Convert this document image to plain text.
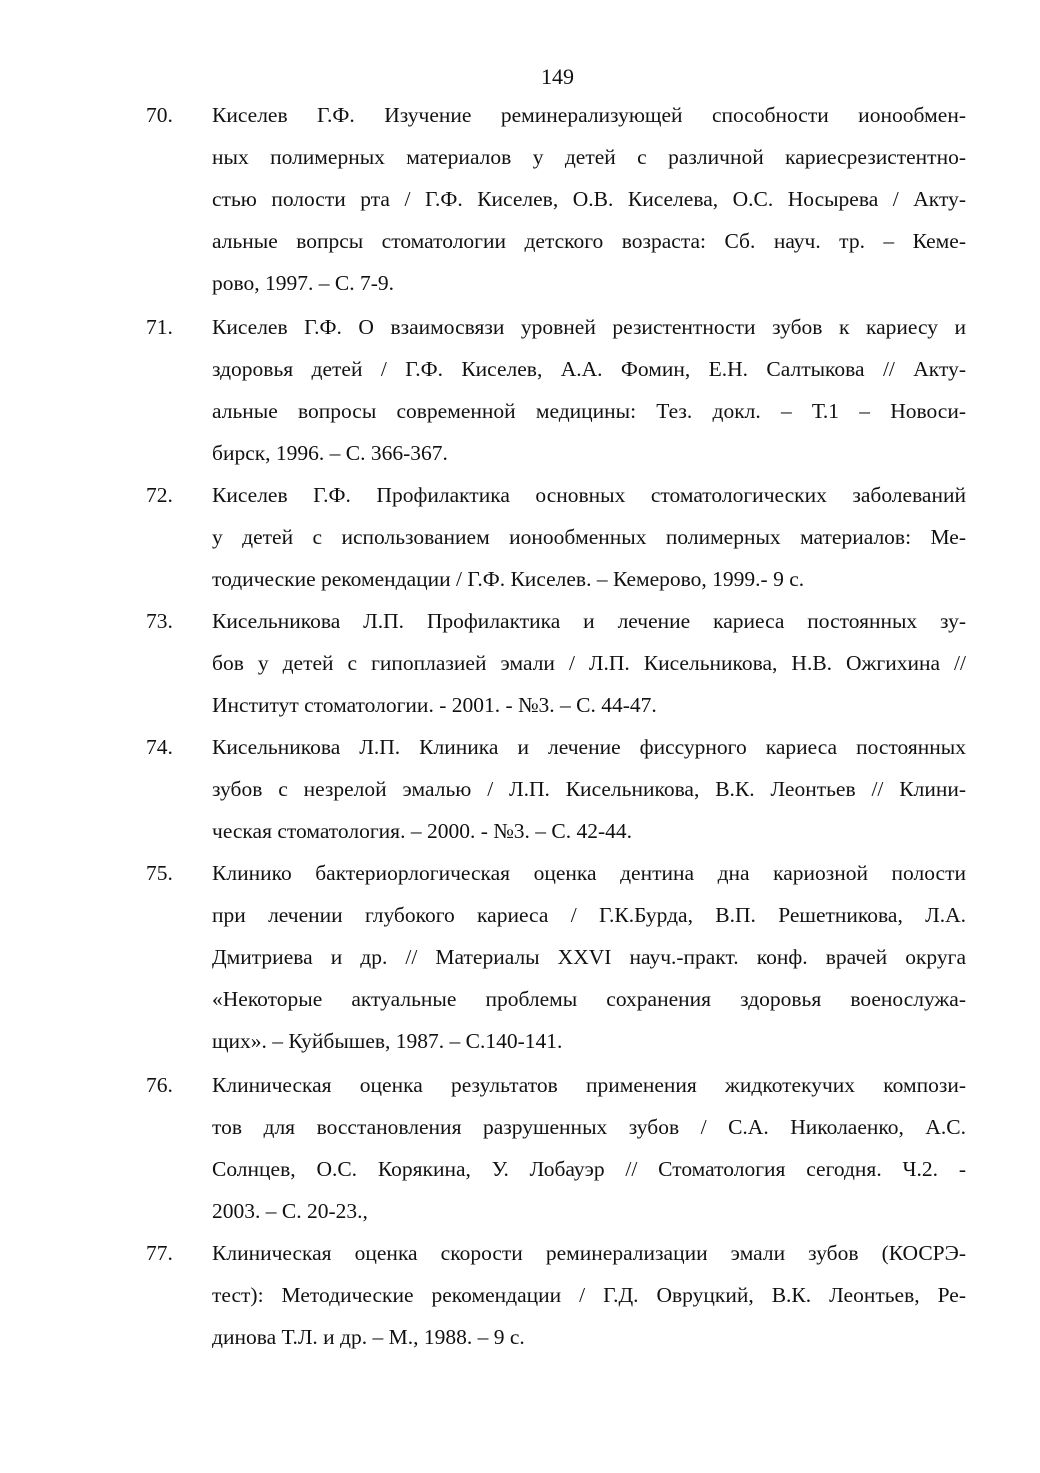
149
70. Киселев Г.Ф. Изучение реминерализующей способности ионообмен-
ных полимерных материалов у детей с различной кариесрезистентно-
стью полости рта / Г.Ф. Киселев, О.В. Киселева, О.С. Носырева / Акту-
альные вопрсы стоматологии детского возраста: Сб. науч. тр. – Кеме-
рово, 1997. – С. 7-9.
71. Киселев Г.Ф. О взаимосвязи уровней резистентности зубов к кариесу и
здоровья детей / Г.Ф. Киселев, А.А. Фомин, Е.Н. Салтыкова // Акту-
альные вопросы современной медицины: Тез. докл. – Т.1 – Новоси-
бирск, 1996. – С. 366-367.
72. Киселев Г.Ф. Профилактика основных стоматологических заболеваний
у детей с использованием ионообменных полимерных материалов: Ме-
тодические рекомендации / Г.Ф. Киселев. – Кемерово, 1999.- 9 с.
73. Кисельникова Л.П. Профилактика и лечение кариеса постоянных зу-
бов у детей с гипоплазией эмали / Л.П. Кисельникова, Н.В. Ожгихина //
Институт стоматологии. - 2001. - №3. – С. 44-47.
74. Кисельникова Л.П. Клиника и лечение фиссурного кариеса постоянных
зубов с незрелой эмалью / Л.П. Кисельникова, В.К. Леонтьев // Клини-
ческая стоматология. – 2000. - №3. – С. 42-44.
75. Клинико бактериорлогическая оценка дентина дна кариозной полости
при лечении глубокого кариеса / Г.К.Бурда, В.П. Решетникова, Л.А.
Дмитриева и др. // Материалы XXVI науч.-практ. конф. врачей округа
«Некоторые актуальные проблемы сохранения здоровья военослужа-
щих». – Куйбышев, 1987. – С.140-141.
76. Клиническая оценка результатов применения жидкотекучих компози-
тов для восстановления разрушенных зубов / С.А. Николаенко, А.С.
Солнцев, О.С. Корякина, У. Лобауэр // Стоматология сегодня. Ч.2. -
2003. – С. 20-23.,
77. Клиническая оценка скорости реминерализации эмали зубов (КОСРЭ-
тест): Методические рекомендации / Г.Д. Овруцкий, В.К. Леонтьев, Ре-
динова Т.Л. и др. – М., 1988. – 9 с.
